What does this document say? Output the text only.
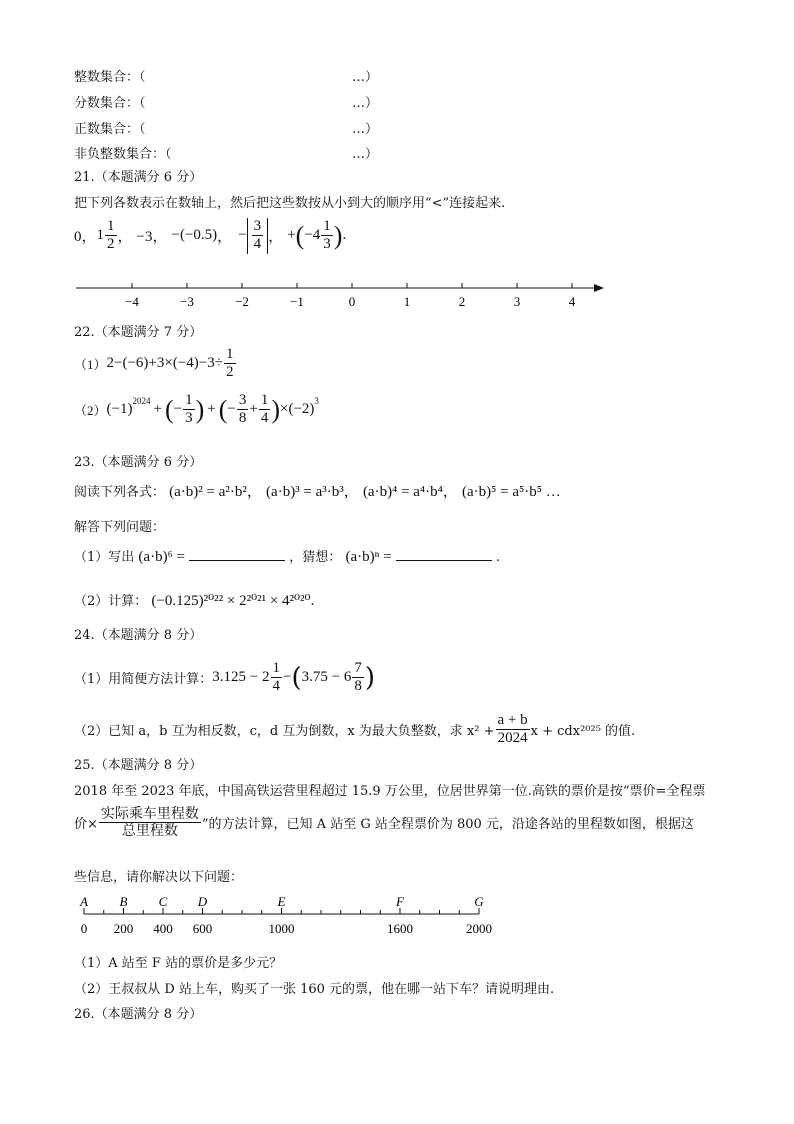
整数集合：（	…）
分数集合：（	…）
正数集合：（	…）
非负整数集合：（	…）
21.（本题满分 6 分）
把下列各数表示在数轴上，然后把这些数按从小到大的顺序用“<”连接起来.
0， $1 \frac{1}{2}$ ， −3， −(−0.5) ， − $\frac{3}{4}$ ， + ( $-4 \frac{1}{3}$ ) .
−4	−3	−2	−1	0	1	2	3	4
22.（本题满分 7 分）
（1） $2-(-6)+3\times(-4)-3\div \frac{1}{2}$
（2） (−1)
$^{2024}$
+ ( − $\frac{1}{3}$ ) + ( − $\frac{3}{8} + \frac{1}{4}$ ) ×(−2)
$^3$
23.（本题满分 6 分）
阅读下列各式： (a·b)² = a²·b²， (a·b)³ = a³·b³， (a·b)⁴ = a⁴·b⁴， (a·b)⁵ = a⁵·b⁵ …
解答下列问题：
（1）写出 (a·b)⁶ =	，猜想： (a·b)ⁿ =	.
（2）计算： (−0.125)²⁰²² × 2²⁰²¹ × 4²⁰²⁰.
24.（本题满分 8 分）
（1）用简便方法计算： $3.125 - 2 \frac{1}{4}$ − ( $3.75 - 6 \frac{7}{8}$ )
（2）已知 a，b 互为相反数，c，d 互为倒数，x 为最大负整数，求 $x^2 + \frac{a + b}{2024}$ x + cdx²⁰²⁵ 的值.
25.（本题满分 8 分）
2018 年至 2023 年底，中国高铁运营里程超过 15.9 万公里，位居世界第一位.高铁的票价是按“票价=全程票
价× $\frac{\text{实际乘车里程数}}{\text{总里程数}}$ ”的方法计算，已知 A 站至 G 站全程票价为 800 元，沿途各站的里程数如图，根据这
些信息，请你解决以下问题：
A
0
B
200
C
400
D
600
E
1000
F
1600
G
2000
（1）A 站至 F 站的票价是多少元？
（2）王叔叔从 D 站上车，购买了一张 160 元的票，他在哪一站下车？请说明理由.
26.（本题满分 8 分）
